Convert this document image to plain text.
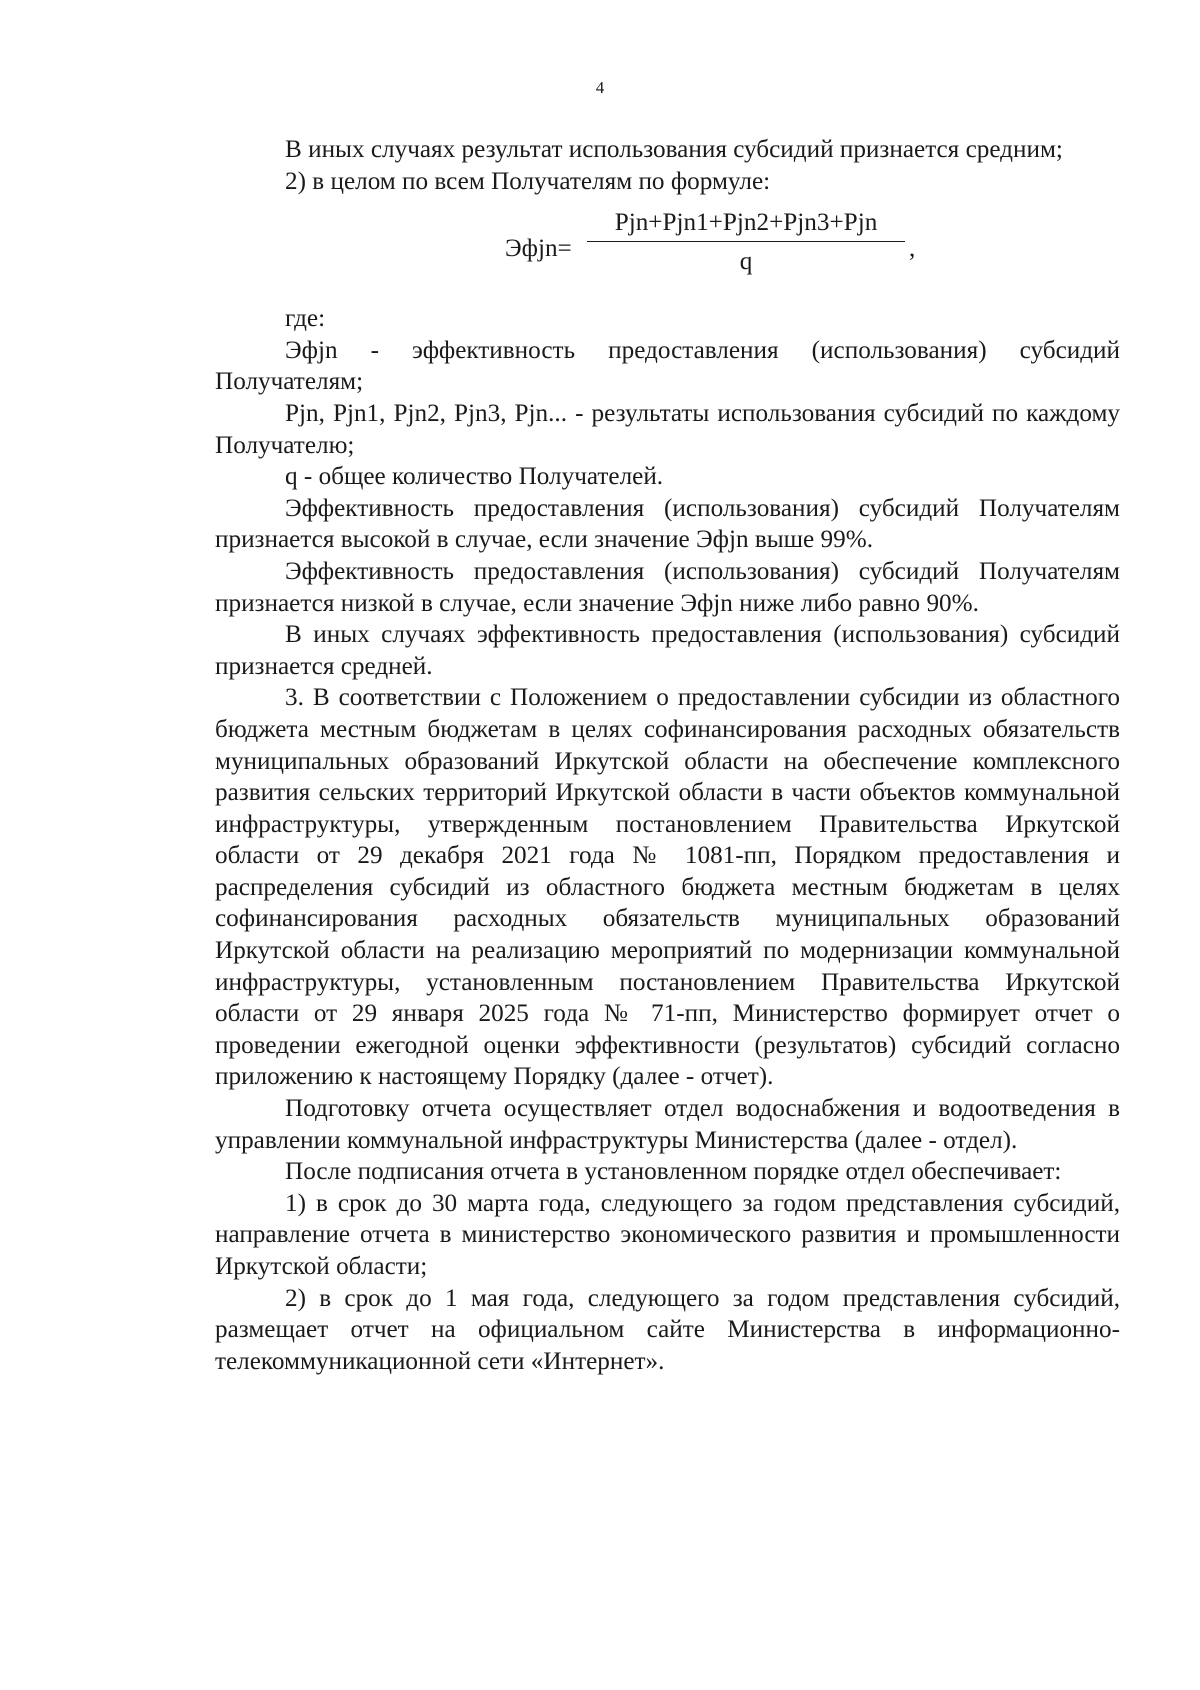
4

В иных случаях результат использования субсидий признается средним;

2) в целом по всем Получателям по формуле:

Эфjn=
Pjn+Pjn1+Pjn2+Pjn3+Pjn
q	,

где:

Эфjn - эффективность предоставления (использования) субсидий Получателям;

Pjn, Pjn1, Pjn2, Pjn3, Pjn... - результаты использования субсидий по каждому Получателю;

q - общее количество Получателей.

Эффективность предоставления (использования) субсидий Получателям признается высокой в случае, если значение Эфjn выше 99%.

Эффективность предоставления (использования) субсидий Получателям признается низкой в случае, если значение Эфjn ниже либо равно 90%.

В иных случаях эффективность предоставления (использования) субсидий признается средней.

3. В соответствии с Положением о предоставлении субсидии из областного бюджета местным бюджетам в целях софинансирования расходных обязательств муниципальных образований Иркутской области на обеспечение комплексного развития сельских территорий Иркутской области в части объектов коммунальной инфраструктуры, утвержденным постановлением Правительства Иркутской области от 29 декабря 2021 года № 1081-пп, Порядком предоставления и распределения субсидий из областного бюджета местным бюджетам в целях софинансирования расходных обязательств муниципальных образований Иркутской области на реализацию мероприятий по модернизации коммунальной инфраструктуры, установленным постановлением Правительства Иркутской области от 29 января 2025 года № 71-пп, Министерство формирует отчет о проведении ежегодной оценки эффективности (результатов) субсидий согласно приложению к настоящему Порядку (далее - отчет).

Подготовку отчета осуществляет отдел водоснабжения и водоотведения в управлении коммунальной инфраструктуры Министерства (далее - отдел).

После подписания отчета в установленном порядке отдел обеспечивает:

1) в срок до 30 марта года, следующего за годом представления субсидий, направление отчета в министерство экономического развития и промышленности Иркутской области;

2) в срок до 1 мая года, следующего за годом представления субсидий, размещает отчет на официальном сайте Министерства в информационно-телекоммуникационной сети «Интернет».
